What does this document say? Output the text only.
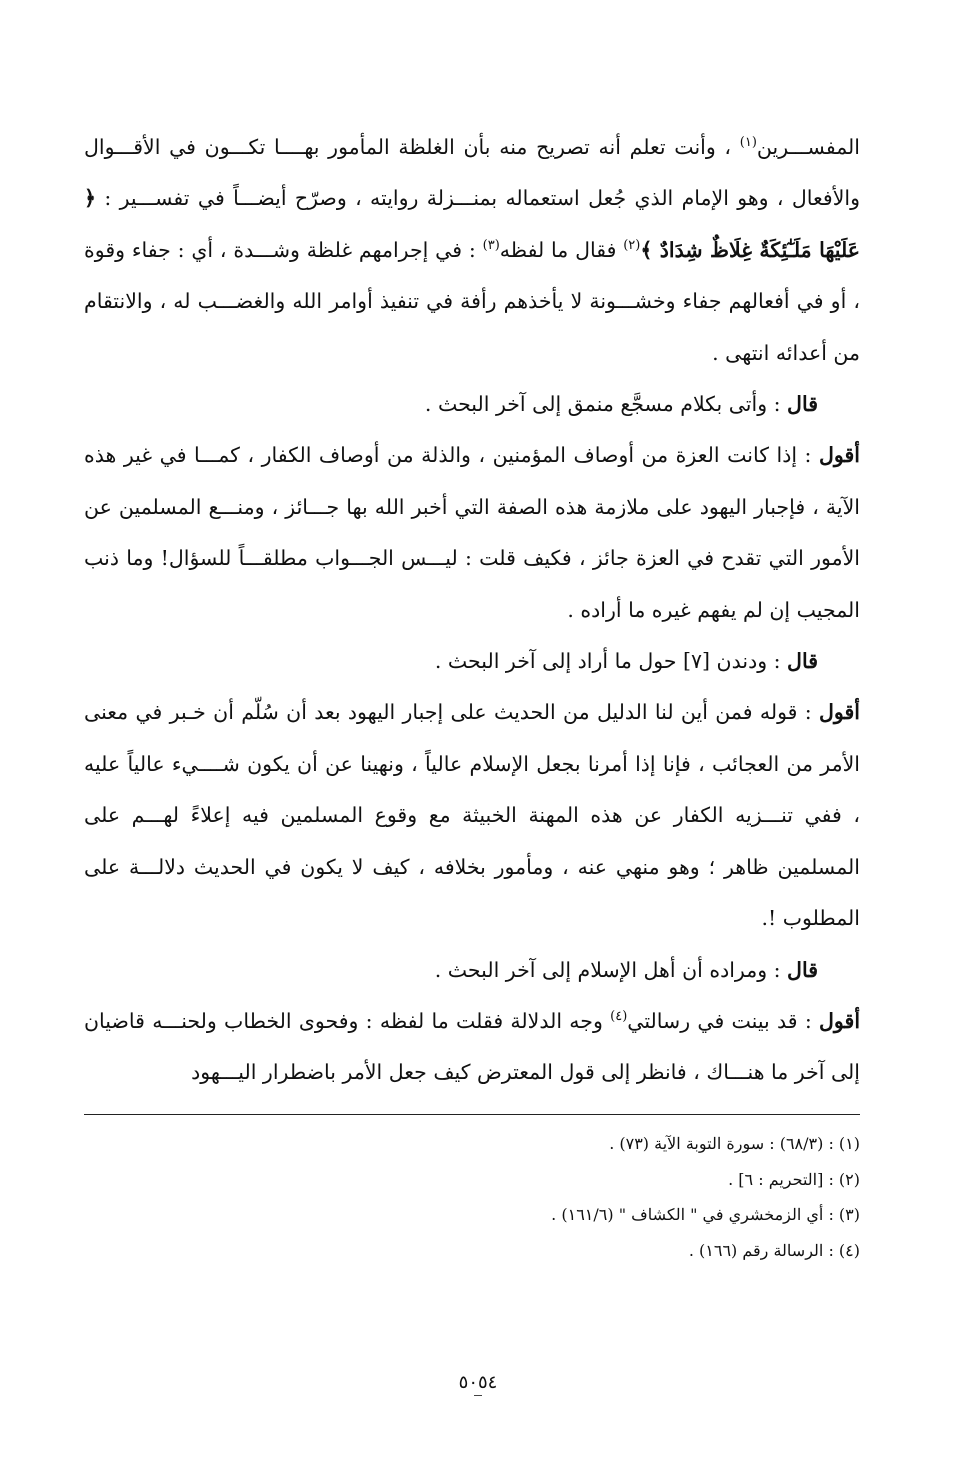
المفســـرين$^{(١)}$ ، وأنت تعلم أنه تصريح منه بأن الغلظة المأمور بهــــا تكـــون في الأقـــوال والأفعال ، وهو الإمام الذي جُعل استعماله بمنـــزلة روايته ، وصرّح أيضـــاً في تفســـير : ﴿ عَلَيْهَا مَلَـٰٓئِكَةٌ غِلَاظٌ شِدَادٌ ﴾$^{(٢)}$ فقال ما لفظه$^{(٣)}$ : في إجرامهم غلظة وشـــدة ، أي : جفاء وقوة ، أو في أفعالهم جفاء وخشـــونة لا يأخذهم رأفة في تنفيذ أوامر الله والغضـــب له ، والانتقام من أعدائه انتهى .

قال : وأتى بكلام مسجَّع منمق إلى آخر البحث .

أقول : إذا كانت العزة من أوصاف المؤمنين ، والذلة من أوصاف الكفار ، كمـــا في غير هذه الآية ، فإجبار اليهود على ملازمة هذه الصفة التي أخبر الله بها جـــائز ، ومنـــع المسلمين عن الأمور التي تقدح في العزة جائز ، فكيف قلت : ليـــس الجـــواب مطلقـــاً للسؤال! وما ذنب المجيب إن لم يفهم غيره ما أراده .

قال : ودندن [٧] حول ما أراد إلى آخر البحث .

أقول : قوله فمن أين لنا الدليل من الحديث على إجبار اليهود بعد أن سُلّم أن خـبر في معنى الأمر من العجائب ، فإنا إذا أمرنا بجعل الإسلام عالياً ، ونهينا عن أن يكون شــــيء عالياً عليه ، ففي تنـــزيه الكفار عن هذه المهنة الخبيثة مع وقوع المسلمين فيه إعلاءً لهـــم على المسلمين ظاهر ؛ وهو منهي عنه ، ومأمور بخلافه ، كيف لا يكون في الحديث دلالـــة على المطلوب !.

قال : ومراده أن أهل الإسلام إلى آخر البحث .

أقول : قد بينت في رسالتي$^{(٤)}$ وجه الدلالة فقلت ما لفظه : وفحوى الخطاب ولحنـــه قاضيان إلى آخر ما هنـــاك ، فانظر إلى قول المعترض كيف جعل الأمر باضطرار اليـــهود

(١) : (٦٨/٣) : سورة التوبة الآية (٧٣) .
(٢) : [التحريم : ٦] .
(٣) : أي الزمخشري في " الكشاف " (١٦١/٦) .
(٤) : الرسالة رقم (١٦٦) .
٥٠٥٤
